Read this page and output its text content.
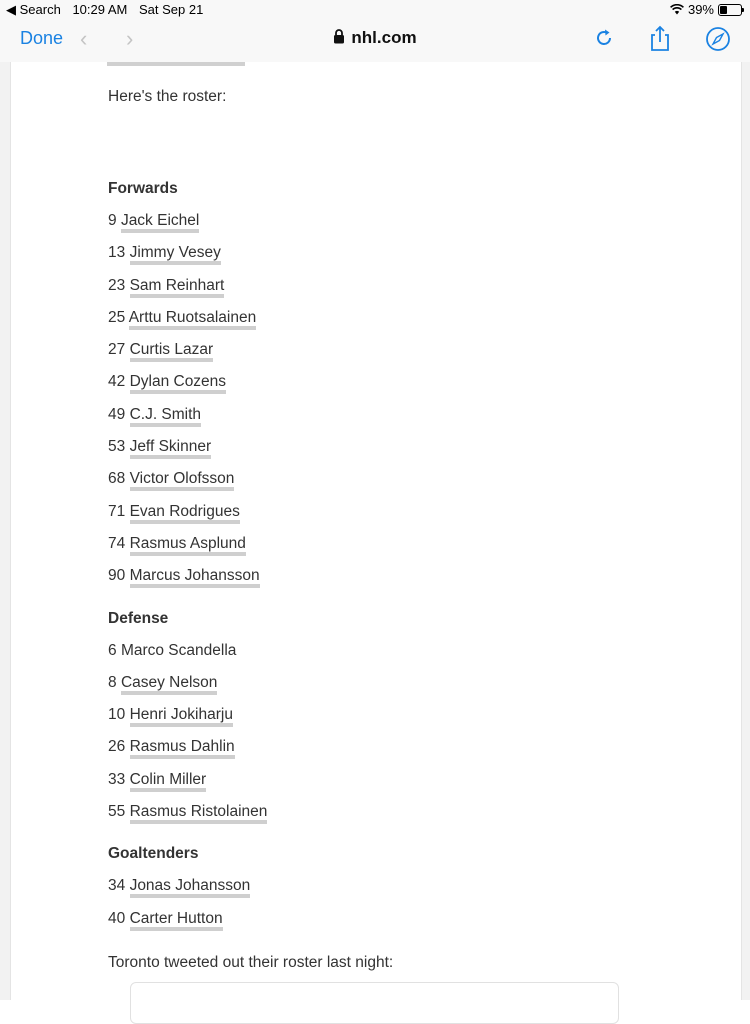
◀ Search 10:29 AM Sat Sep 21	39%
Done ‹ ›	nhl.com

Here's the roster:

Forwards
9 Jack Eichel
13 Jimmy Vesey
23 Sam Reinhart
25 Arttu Ruotsalainen
27 Curtis Lazar
42 Dylan Cozens
49 C.J. Smith
53 Jeff Skinner
68 Victor Olofsson
71 Evan Rodrigues
74 Rasmus Asplund
90 Marcus Johansson
Defense
6 Marco Scandella
8 Casey Nelson
10 Henri Jokiharju
26 Rasmus Dahlin
33 Colin Miller
55 Rasmus Ristolainen
Goaltenders
34 Jonas Johansson
40 Carter Hutton

Toronto tweeted out their roster last night:
